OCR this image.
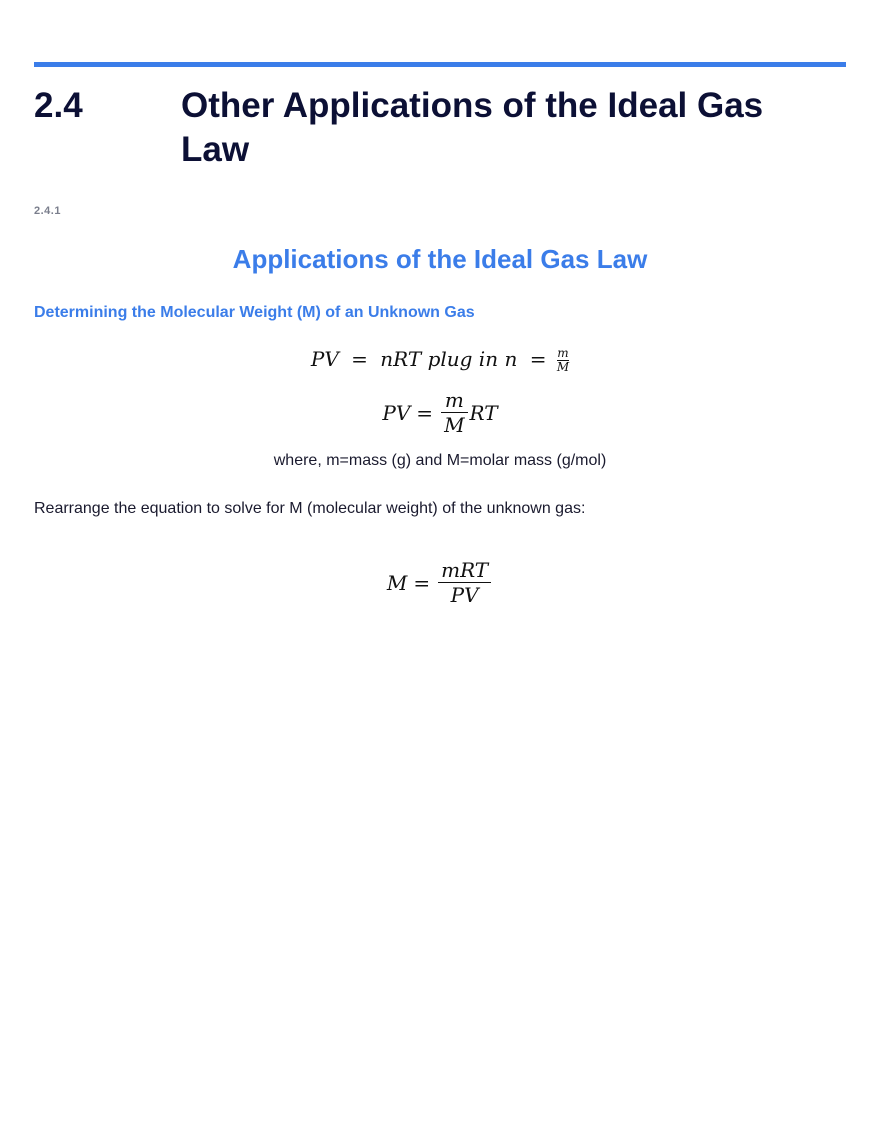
2.4	Other Applications of the Ideal Gas Law
2.4.1
Applications of the Ideal Gas Law
Determining the Molecular Weight (M) of an Unknown Gas
PV = nRT plug in $n = \frac{m}{M}$
PV = $\frac{m}{M}$ RT
where, m=mass (g) and M=molar mass (g/mol)
Rearrange the equation to solve for M (molecular weight) of the unknown gas:
$M = \frac{\text{mRT}}{PV}$
